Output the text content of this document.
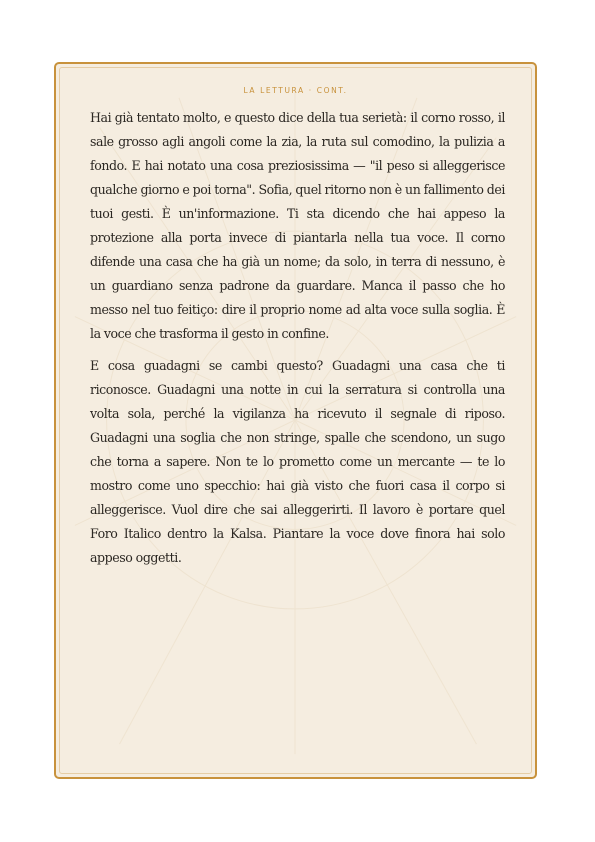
LA LETTURA · CONT.

Hai già tentato molto, e questo dice della tua serietà: il corno rosso, il sale grosso agli angoli come la zia, la ruta sul comodino, la pulizia a fondo. E hai notato una cosa preziosissima — "il peso si alleggerisce qualche giorno e poi torna". Sofia, quel ritorno non è un fallimento dei tuoi gesti. È un'informazione. Ti sta dicendo che hai appeso la protezione alla porta invece di piantarla nella tua voce. Il corno difende una casa che ha già un nome; da solo, in terra di nessuno, è un guardiano senza padrone da guardare. Manca il passo che ho messo nel tuo feitiço: dire il proprio nome ad alta voce sulla soglia. È la voce che trasforma il gesto in confine.

E cosa guadagni se cambi questo? Guadagni una casa che ti riconosce. Guadagni una notte in cui la serratura si controlla una volta sola, perché la vigilanza ha ricevuto il segnale di riposo. Guadagni una soglia che non stringe, spalle che scendono, un sugo che torna a sapere. Non te lo prometto come un mercante — te lo mostro come uno specchio: hai già visto che fuori casa il corpo si alleggerisce. Vuol dire che sai alleggerirti. Il lavoro è portare quel Foro Italico dentro la Kalsa. Piantare la voce dove finora hai solo appeso oggetti.
